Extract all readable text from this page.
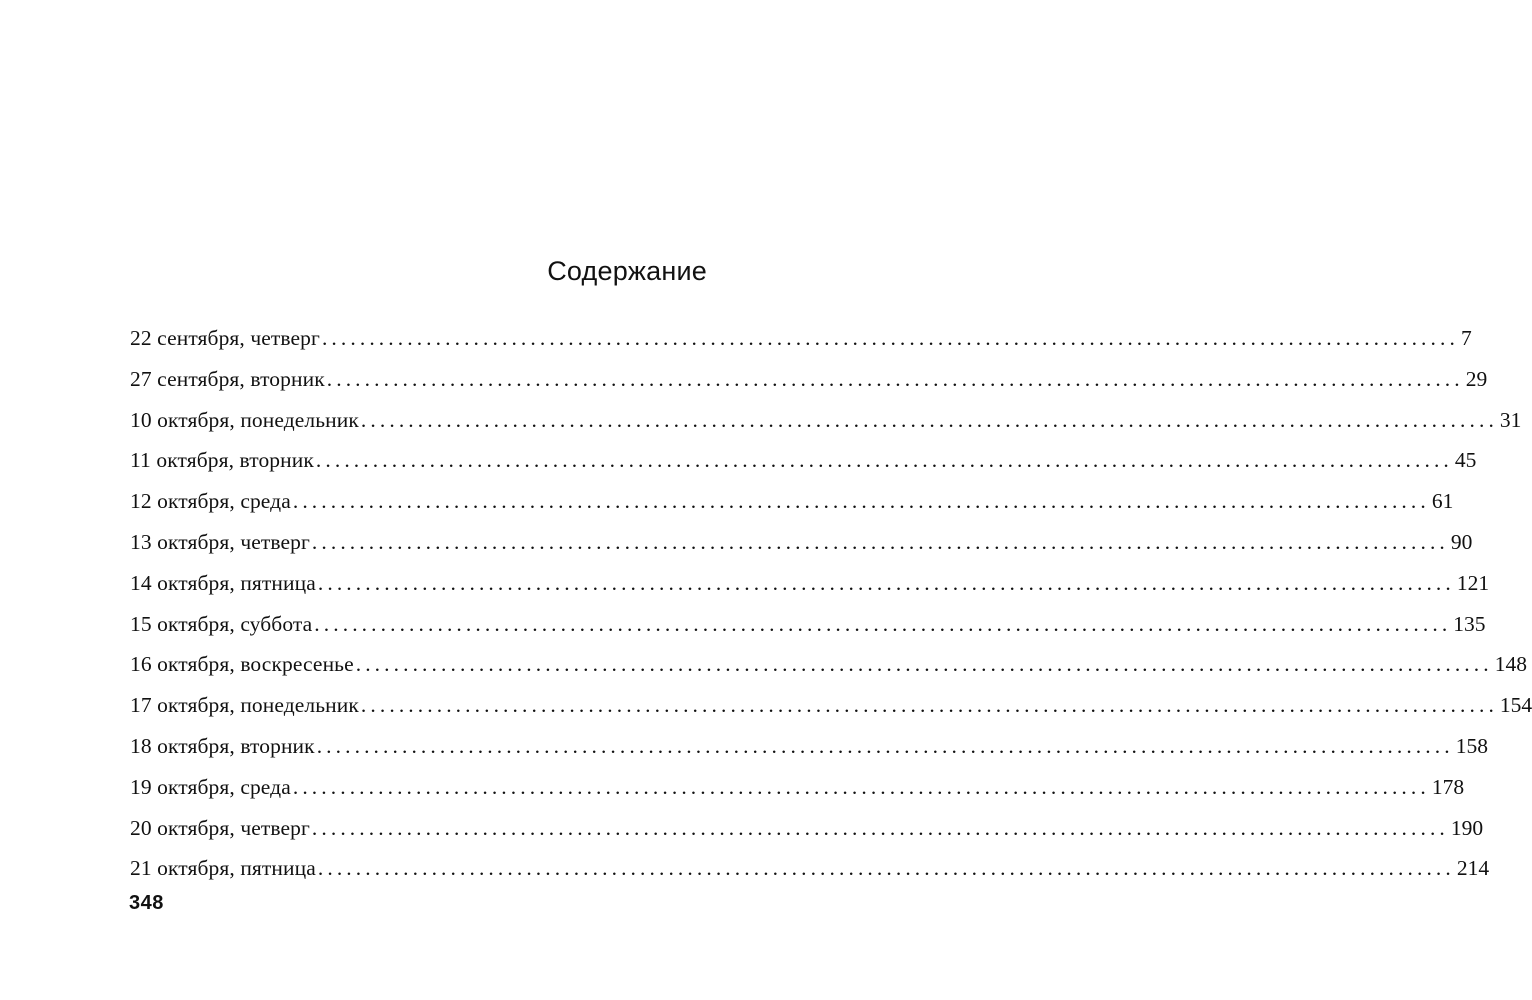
Содержание
22 сентября, четверг ........................................................................................................................ 7
27 сентября, вторник ........................................................................................................................ 29
10 октября, понедельник ........................................................................................................................ 31
11 октября, вторник ........................................................................................................................ 45
12 октября, среда ........................................................................................................................ 61
13 октября, четверг ........................................................................................................................ 90
14 октября, пятница ........................................................................................................................ 121
15 октября, суббота ........................................................................................................................ 135
16 октября, воскресенье ........................................................................................................................ 148
17 октября, понедельник ........................................................................................................................ 154
18 октября, вторник ........................................................................................................................ 158
19 октября, среда ........................................................................................................................ 178
20 октября, четверг ........................................................................................................................ 190
21 октября, пятница ........................................................................................................................ 214
348
